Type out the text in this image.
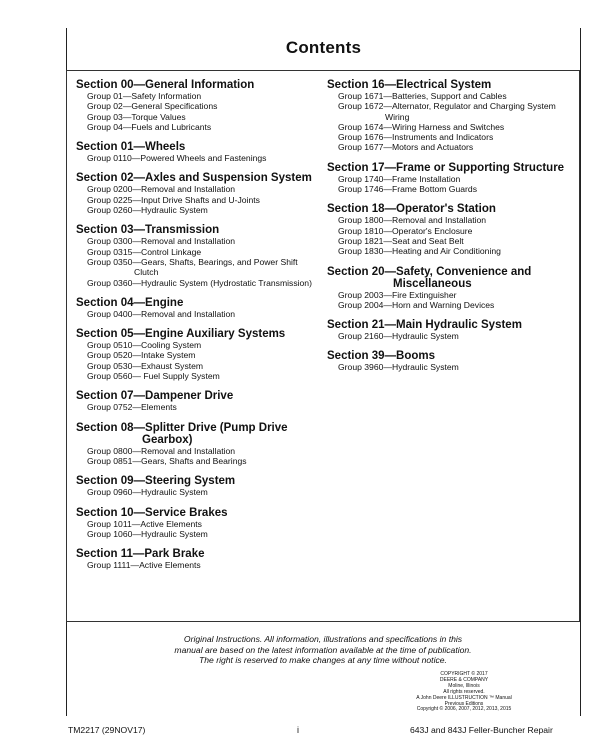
Contents
Section 00—General Information
Group 01—Safety Information
Group 02—General Specifications
Group 03—Torque Values
Group 04—Fuels and Lubricants
Section 01—Wheels
Group 0110—Powered Wheels and Fastenings
Section 02—Axles and Suspension System
Group 0200—Removal and Installation
Group 0225—Input Drive Shafts and U-Joints
Group 0260—Hydraulic System
Section 03—Transmission
Group 0300—Removal and Installation
Group 0315—Control Linkage
Group 0350—Gears, Shafts, Bearings, and Power Shift Clutch
Group 0360—Hydraulic System (Hydrostatic Transmission)
Section 04—Engine
Group 0400—Removal and Installation
Section 05—Engine Auxiliary Systems
Group 0510—Cooling System
Group 0520—Intake System
Group 0530—Exhaust System
Group 0560— Fuel Supply System
Section 07—Dampener Drive
Group 0752—Elements
Section 08—Splitter Drive (Pump Drive Gearbox)
Group 0800—Removal and Installation
Group 0851—Gears, Shafts and Bearings
Section 09—Steering System
Group 0960—Hydraulic System
Section 10—Service Brakes
Group 1011—Active Elements
Group 1060—Hydraulic System
Section 11—Park Brake
Group 1111—Active Elements
Section 16—Electrical System
Group 1671—Batteries, Support and Cables
Group 1672—Alternator, Regulator and Charging System Wiring
Group 1674—Wiring Harness and Switches
Group 1676—Instruments and Indicators
Group 1677—Motors and Actuators
Section 17—Frame or Supporting Structure
Group 1740—Frame Installation
Group 1746—Frame Bottom Guards
Section 18—Operator's Station
Group 1800—Removal and Installation
Group 1810—Operator's Enclosure
Group 1821—Seat and Seat Belt
Group 1830—Heating and Air Conditioning
Section 20—Safety, Convenience and Miscellaneous
Group 2003—Fire Extinguisher
Group 2004—Horn and Warning Devices
Section 21—Main Hydraulic System
Group 2160—Hydraulic System
Section 39—Booms
Group 3960—Hydraulic System
Original Instructions. All information, illustrations and specifications in this
manual are based on the latest information available at the time of publication.
The right is reserved to make changes at any time without notice.
COPYRIGHT © 2017
DEERE & COMPANY
Moline, Illinois
All rights reserved.
A John Deere ILLUSTRUCTION ™ Manual
Previous Editions
Copyright © 2006, 2007, 2012, 2013, 2015
TM2217 (29NOV17)	i	643J and 843J Feller-Buncher Repair
